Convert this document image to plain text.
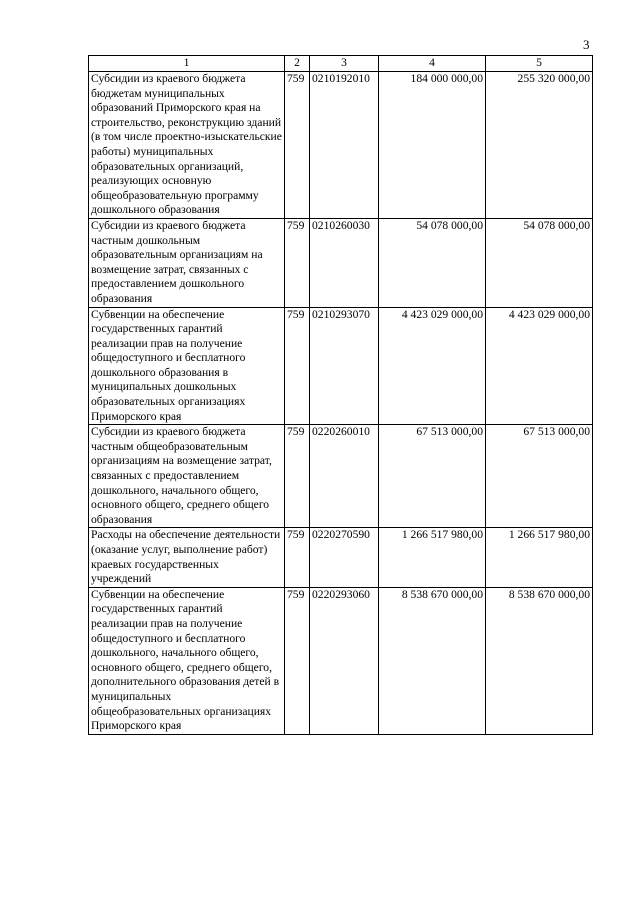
3
1	2	3	4	5
Субсидии из краевого бюджета бюджетам муниципальных образований Приморского края на строительство, реконструкцию зданий (в том числе проектно-изыскательские работы) муниципальных образовательных организаций, реализующих основную общеобразовательную программу дошкольного образования	759	0210192010	184 000 000,00	255 320 000,00
Субсидии из краевого бюджета частным дошкольным образовательным организациям на возмещение затрат, связанных с предоставлением дошкольного образования	759	0210260030	54 078 000,00	54 078 000,00
Субвенции на обеспечение государственных гарантий реализации прав на получение общедоступного и бесплатного дошкольного образования в муниципальных дошкольных образовательных организациях Приморского края	759	0210293070	4 423 029 000,00	4 423 029 000,00
Субсидии из краевого бюджета частным общеобразовательным организациям на возмещение затрат, связанных с предоставлением дошкольного, начального общего, основного общего, среднего общего образования	759	0220260010	67 513 000,00	67 513 000,00
Расходы на обеспечение деятельности (оказание услуг, выполнение работ) краевых государственных учреждений	759	0220270590	1 266 517 980,00	1 266 517 980,00
Субвенции на обеспечение государственных гарантий реализации прав на получение общедоступного и бесплатного дошкольного, начального общего, основного общего, среднего общего, дополнительного образования детей в муниципальных общеобразовательных организациях Приморского края	759	0220293060	8 538 670 000,00	8 538 670 000,00
